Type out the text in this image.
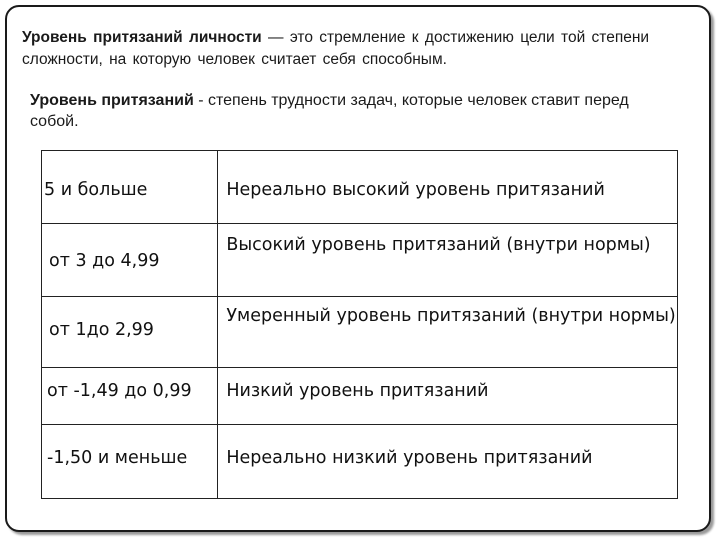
Уровень притязаний личности — это стремление к достижению цели той степени сложности, на которую человек считает себя способным.
Уровень притязаний - степень трудности задач, которые человек ставит перед собой.
5 и больше	Нереально высокий уровень притязаний

от 3 до 4,99	Высокий уровень притязаний (внутри нормы)

от 1до 2,99	Умеренный уровень притязаний (внутри нормы)

от -1,49 до 0,99	Низкий уровень притязаний

-1,50 и меньше	Нереально низкий уровень притязаний
